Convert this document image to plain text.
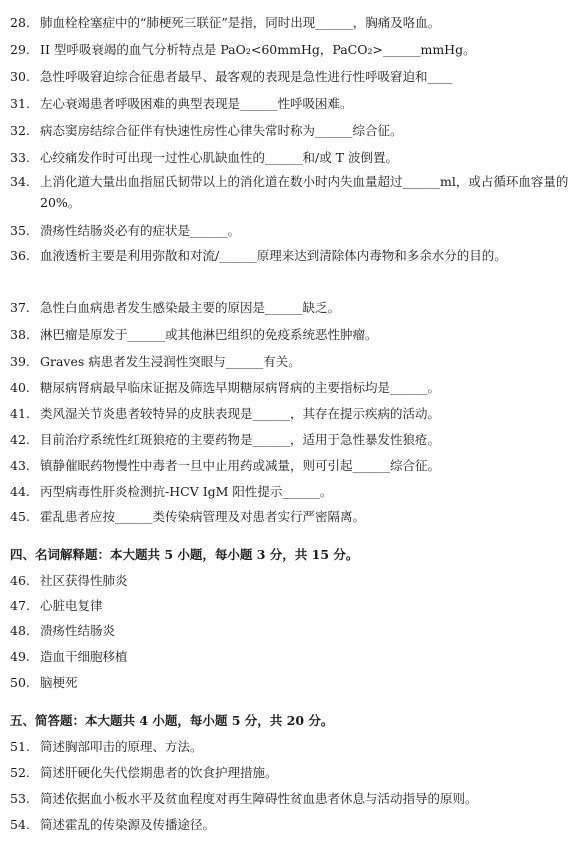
28. 肺血栓栓塞症中的“肺梗死三联征”是指，同时出现______，胸痛及咯血。
29. II 型呼吸衰竭的血气分析特点是 PaO₂<60mmHg，PaCO₂>______mmHg。
30. 急性呼吸窘迫综合征患者最早、最客观的表现是急性进行性呼吸窘迫和____
31. 左心衰竭患者呼吸困难的典型表现是______性呼吸困难。
32. 病态窦房结综合征伴有快速性房性心律失常时称为______综合征。
33. 心绞痛发作时可出现一过性心肌缺血性的______和/或 T 波倒置。
34. 上消化道大量出血指屈氏韧带以上的消化道在数小时内失血量超过______ml，或占循环血容量的 20%。
35. 溃疡性结肠炎必有的症状是______。
36. 血液透析主要是利用弥散和对流/______原理来达到清除体内毒物和多余水分的目的。
37. 急性白血病患者发生感染最主要的原因是______缺乏。
38. 淋巴瘤是原发于______或其他淋巴组织的免疫系统恶性肿瘤。
39. Graves 病患者发生浸润性突眼与______有关。
40. 糖尿病肾病最早临床证据及筛选早期糖尿病肾病的主要指标均是______。
41. 类风湿关节炎患者较特异的皮肤表现是______，其存在提示疾病的活动。
42. 目前治疗系统性红斑狼疮的主要药物是______，适用于急性暴发性狼疮。
43. 镇静催眠药物慢性中毒者一旦中止用药或减量，则可引起______综合征。
44. 丙型病毒性肝炎检测抗-HCV IgM 阳性提示______。
45. 霍乱患者应按______类传染病管理及对患者实行严密隔离。
四、名词解释题：本大题共 5 小题，每小题 3 分，共 15 分。
46. 社区获得性肺炎
47. 心脏电复律
48. 溃疡性结肠炎
49. 造血干细胞移植
50. 脑梗死
五、简答题：本大题共 4 小题，每小题 5 分，共 20 分。
51. 简述胸部叩击的原理、方法。
52. 简述肝硬化失代偿期患者的饮食护理措施。
53. 简述依据血小板水平及贫血程度对再生障碍性贫血患者休息与活动指导的原则。
54. 简述霍乱的传染源及传播途径。
